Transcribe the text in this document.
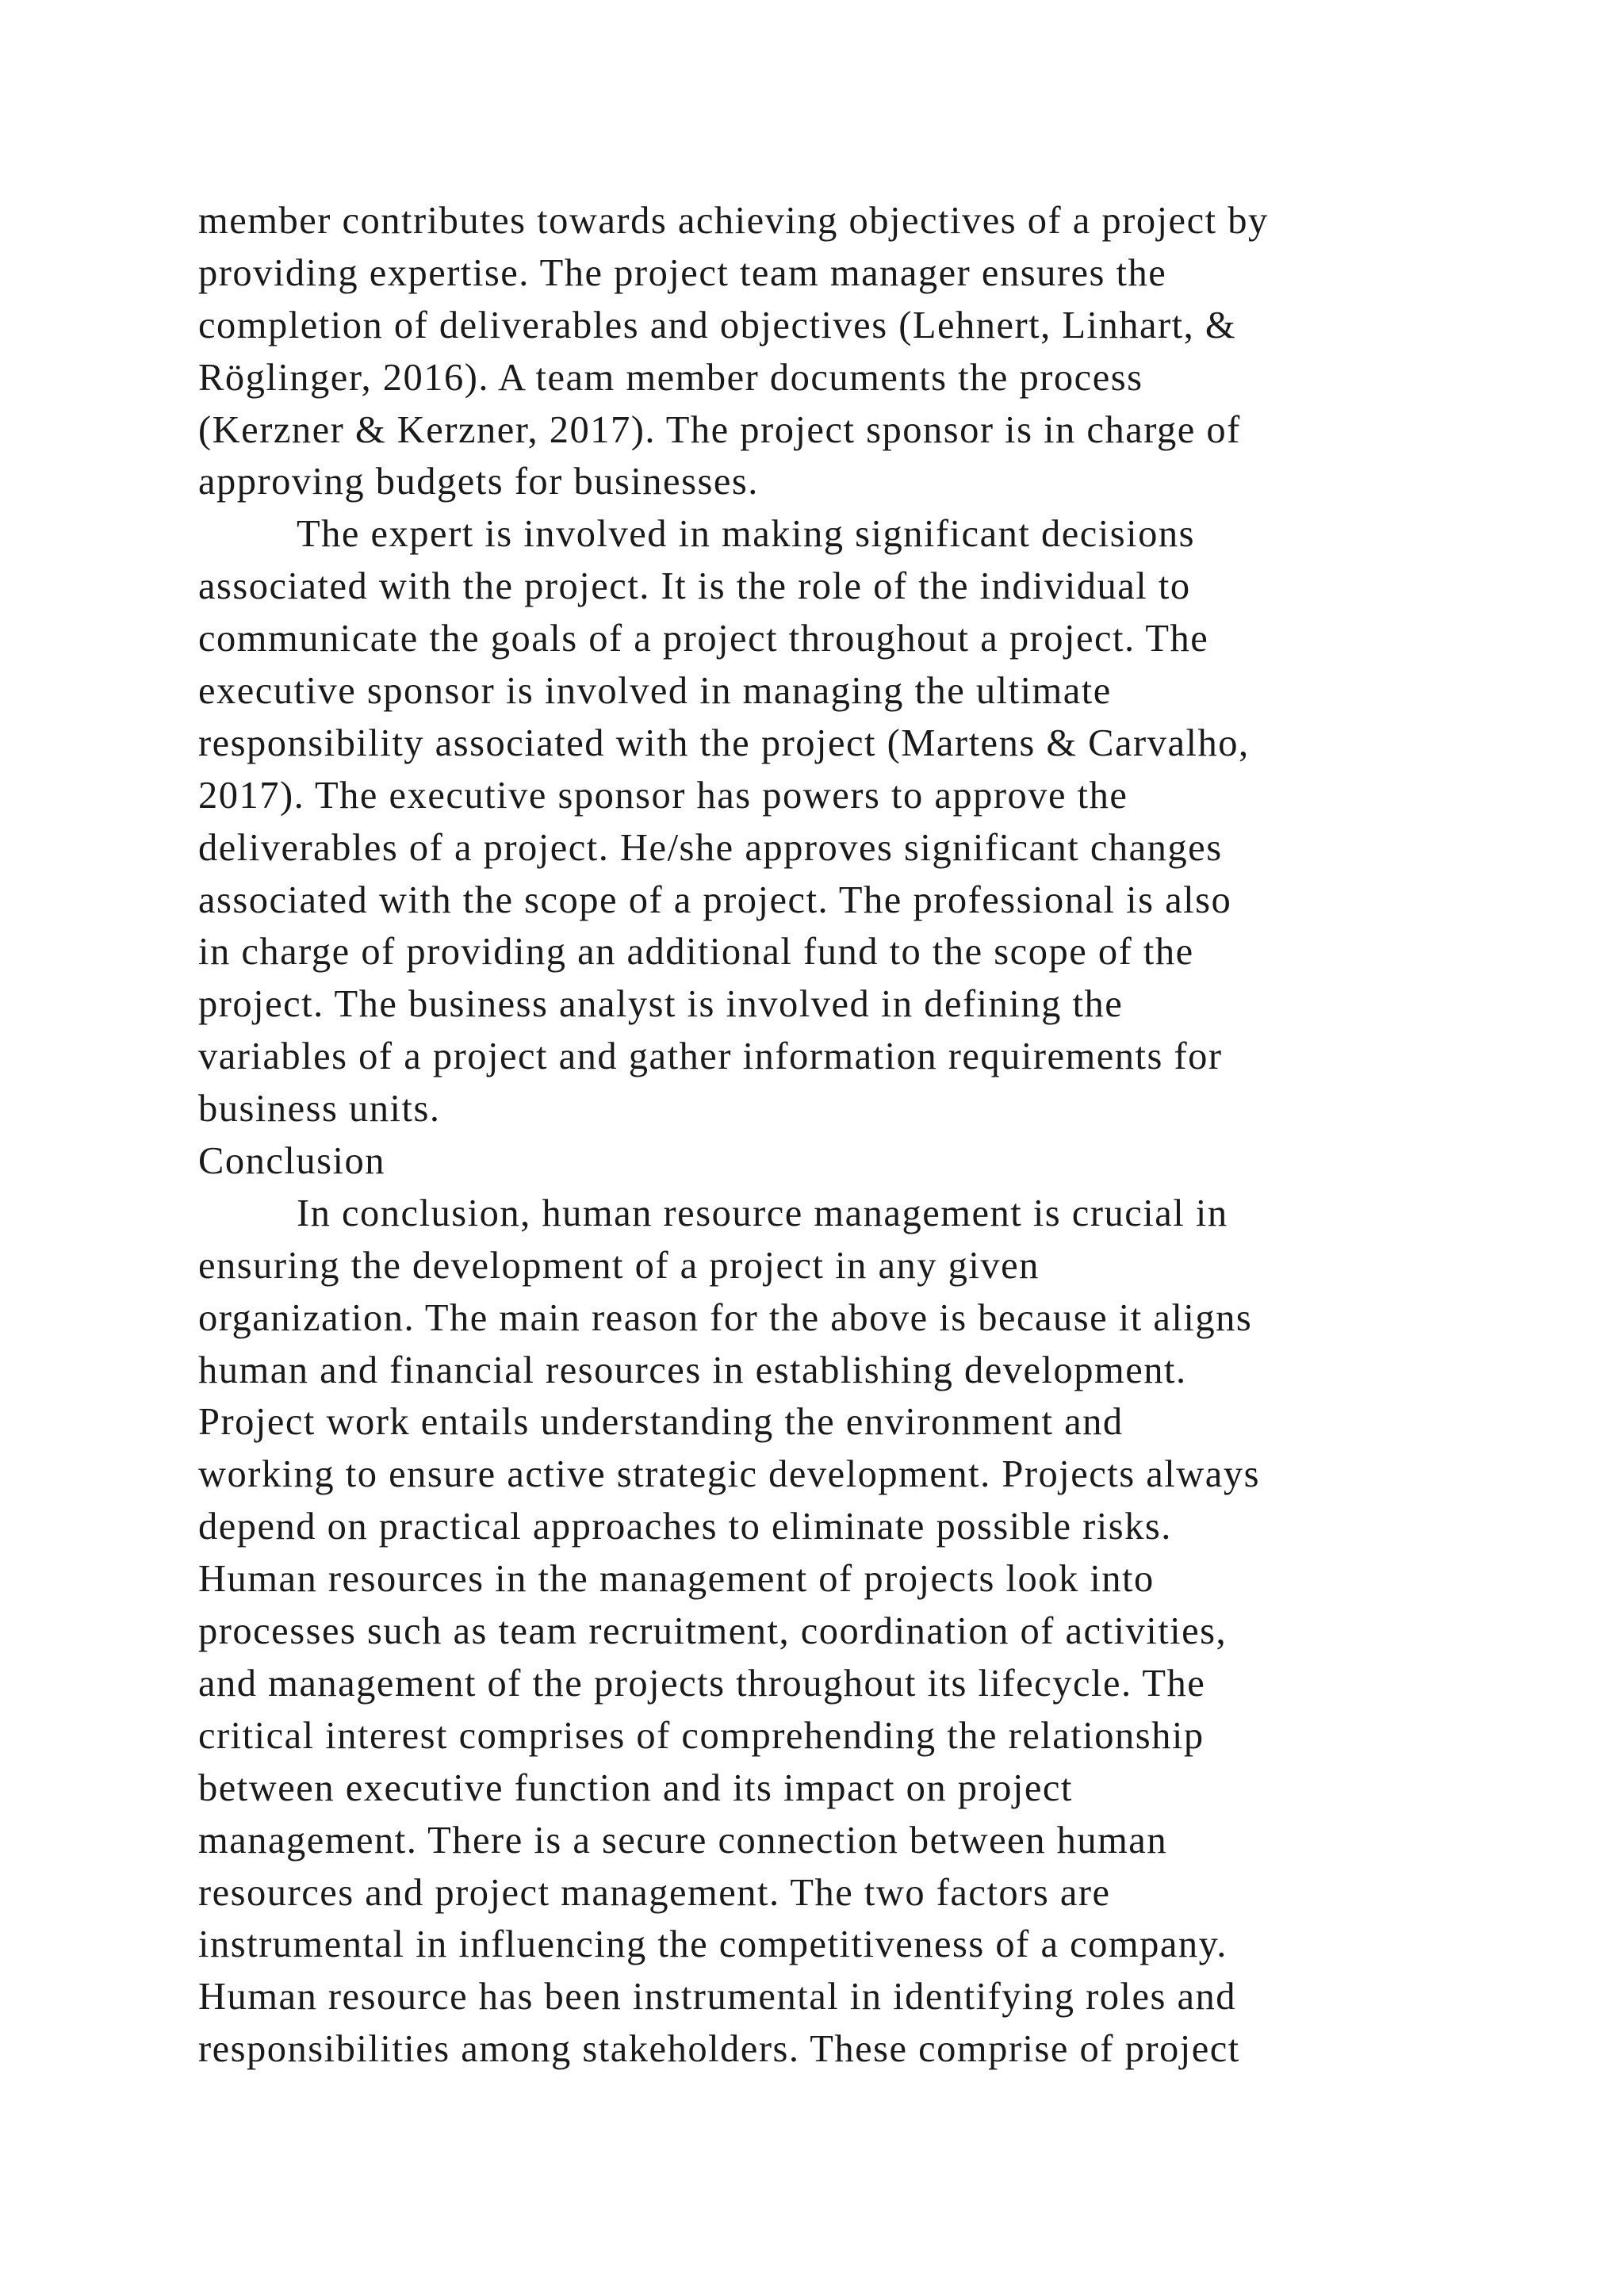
member contributes towards achieving objectives of a project by
providing expertise. The project team manager ensures the
completion of deliverables and objectives (Lehnert, Linhart, &
Röglinger, 2016). A team member documents the process
(Kerzner & Kerzner, 2017). The project sponsor is in charge of
approving budgets for businesses.
The expert is involved in making significant decisions
associated with the project. It is the role of the individual to
communicate the goals of a project throughout a project. The
executive sponsor is involved in managing the ultimate
responsibility associated with the project (Martens & Carvalho,
2017). The executive sponsor has powers to approve the
deliverables of a project. He/she approves significant changes
associated with the scope of a project. The professional is also
in charge of providing an additional fund to the scope of the
project. The business analyst is involved in defining the
variables of a project and gather information requirements for
business units.
Conclusion
In conclusion, human resource management is crucial in
ensuring the development of a project in any given
organization. The main reason for the above is because it aligns
human and financial resources in establishing development.
Project work entails understanding the environment and
working to ensure active strategic development. Projects always
depend on practical approaches to eliminate possible risks.
Human resources in the management of projects look into
processes such as team recruitment, coordination of activities,
and management of the projects throughout its lifecycle. The
critical interest comprises of comprehending the relationship
between executive function and its impact on project
management. There is a secure connection between human
resources and project management. The two factors are
instrumental in influencing the competitiveness of a company.
Human resource has been instrumental in identifying roles and
responsibilities among stakeholders. These comprise of project
